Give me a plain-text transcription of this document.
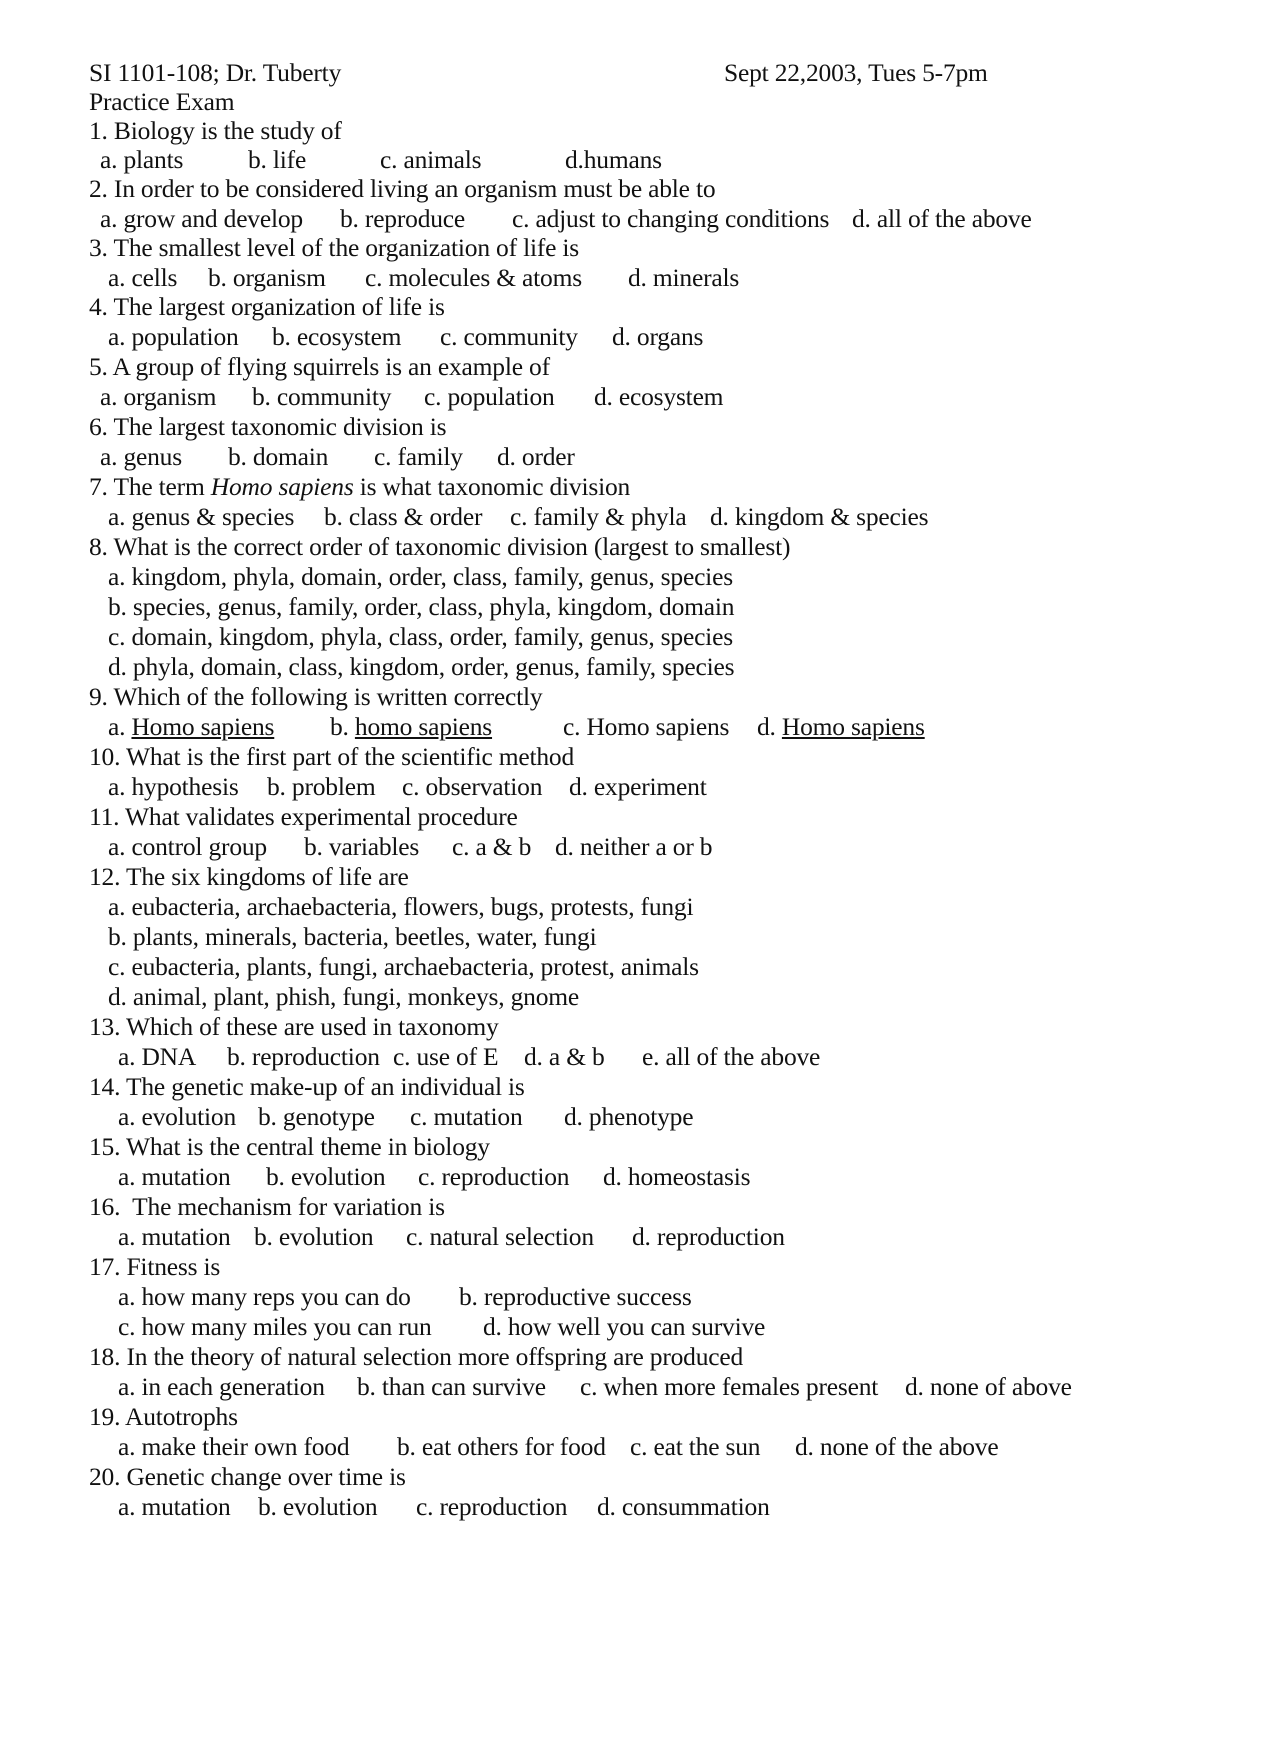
SI 1101-108; Dr. Tuberty	Sept 22,2003, Tues 5-7pm
Practice Exam
1. Biology is the study of
a. plants	b. life	c. animals	d.humans
2. In order to be considered living an organism must be able to
a. grow and develop b. reproduce c. adjust to changing conditions d. all of the above
3. The smallest level of the organization of life is
a. cells b. organism c. molecules & atoms d. minerals
4. The largest organization of life is
a. population b. ecosystem c. community d. organs
5. A group of flying squirrels is an example of
a. organism b. community c. population d. ecosystem
6. The largest taxonomic division is
a. genus b. domain c. family d. order
7. The term Homo sapiens is what taxonomic division
a. genus & species b. class & order c. family & phyla d. kingdom & species
8. What is the correct order of taxonomic division (largest to smallest)
a. kingdom, phyla, domain, order, class, family, genus, species
b. species, genus, family, order, class, phyla, kingdom, domain
c. domain, kingdom, phyla, class, order, family, genus, species
d. phyla, domain, class, kingdom, order, genus, family, species
9. Which of the following is written correctly
a. Homo sapiens b. homo sapiens	c. Homo sapiens d. Homo sapiens
10. What is the first part of the scientific method
a. hypothesis b. problem c. observation d. experiment
11. What validates experimental procedure
a. control group b. variables c. a & b d. neither a or b
12. The six kingdoms of life are
a. eubacteria, archaebacteria, flowers, bugs, protests, fungi
b. plants, minerals, bacteria, beetles, water, fungi
c. eubacteria, plants, fungi, archaebacteria, protest, animals
d. animal, plant, phish, fungi, monkeys, gnome
13. Which of these are used in taxonomy
a. DNA b. reproduction c. use of E d. a & b e. all of the above
14. The genetic make-up of an individual is
a. evolution b. genotype c. mutation d. phenotype
15. What is the central theme in biology
a. mutation b. evolution c. reproduction d. homeostasis
16.  The mechanism for variation is
a. mutation b. evolution c. natural selection d. reproduction
17. Fitness is
a. how many reps you can do b. reproductive success
c. how many miles you can run d. how well you can survive
18. In the theory of natural selection more offspring are produced
a. in each generation b. than can survive c. when more females present d. none of above
19. Autotrophs
a. make their own food b. eat others for food c. eat the sun d. none of the above
20. Genetic change over time is
a. mutation b. evolution c. reproduction d. consummation
